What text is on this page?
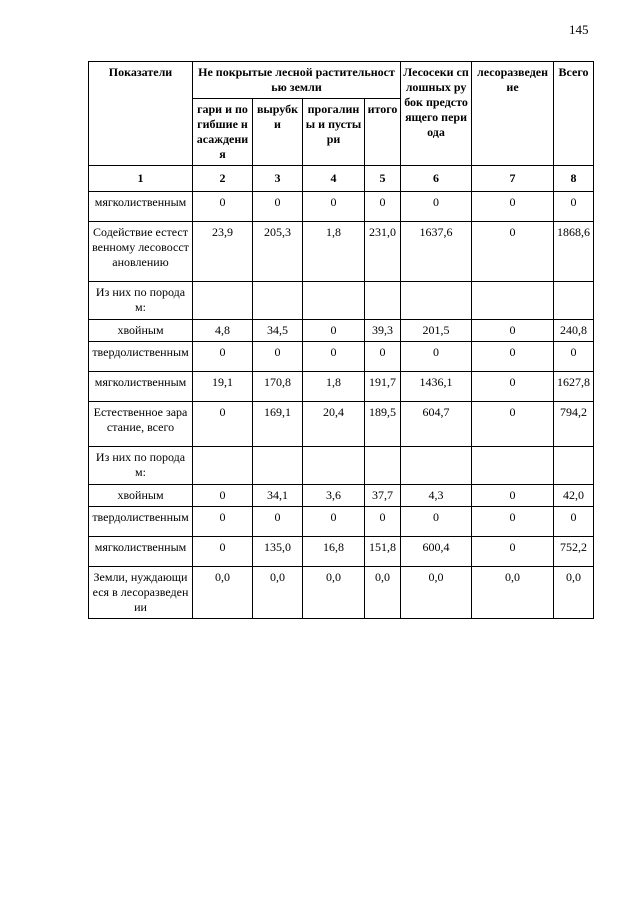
145
Показатели	Не покрытые лесной растительностью земли				Лесосеки сплошных рубок предстоящего периода	лесоразведение	Всего
	гари и погибшие насаждения	вырубки	прогалины и пустыри	итого			
1	2	3	4	5	6	7	8
мягколиственным	0	0	0	0	0	0	0
Содействие естественному лесовосстановлению	23,9	205,3	1,8	231,0	1637,6	0	1868,6
Из них по породам:							
хвойным	4,8	34,5	0	39,3	201,5	0	240,8
твердолиственным	0	0	0	0	0	0	0
мягколиственным	19,1	170,8	1,8	191,7	1436,1	0	1627,8
Естественное зарастание, всего	0	169,1	20,4	189,5	604,7	0	794,2
Из них по породам:							
хвойным	0	34,1	3,6	37,7	4,3	0	42,0
твердолиственным	0	0	0	0	0	0	0
мягколиственным	0	135,0	16,8	151,8	600,4	0	752,2
Земли, нуждающиеся в лесоразведении	0,0	0,0	0,0	0,0	0,0	0,0	0,0
